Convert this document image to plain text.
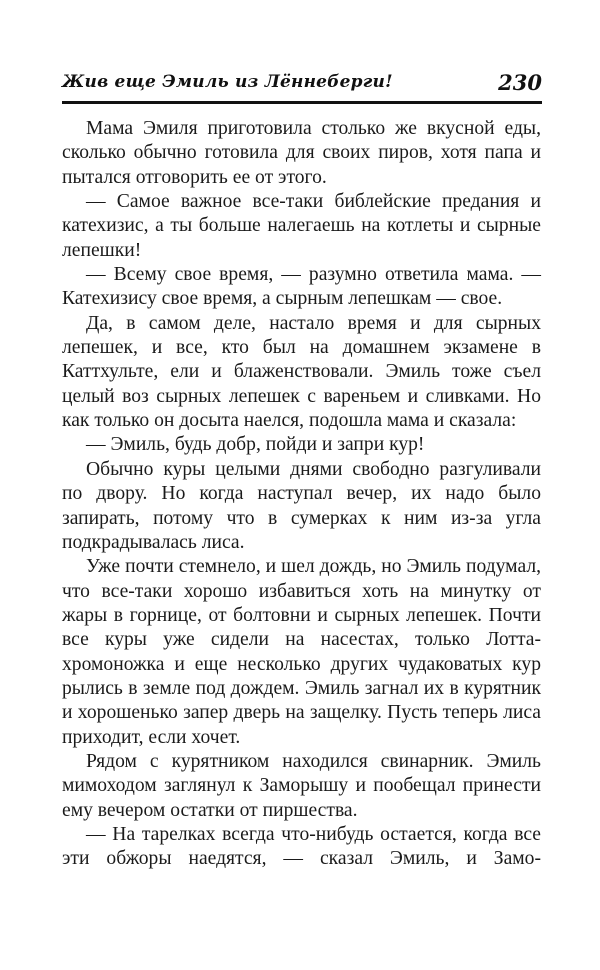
Жив еще Эмиль из Лённеберги!	230

Мама Эмиля приготовила столько же вкусной еды, сколько обычно готовила для своих пиров, хотя папа и пытался отговорить ее от этого.

— Самое важное все-таки библейские предания и катехизис, а ты больше налегаешь на котлеты и сырные лепешки!

— Всему свое время, — разумно ответила мама. — Катехизису свое время, а сырным лепешкам — свое.

Да, в самом деле, настало время и для сырных лепешек, и все, кто был на домашнем экзамене в Каттхульте, ели и блаженствовали. Эмиль тоже съел целый воз сырных лепешек с вареньем и сливками. Но как только он досыта наелся, подошла мама и сказала:

— Эмиль, будь добр, пойди и запри кур!

Обычно куры целыми днями свободно разгуливали по двору. Но когда наступал вечер, их надо было запирать, потому что в сумерках к ним из-за угла подкрадывалась лиса.

Уже почти стемнело, и шел дождь, но Эмиль подумал, что все-таки хорошо избавиться хоть на минутку от жары в горнице, от болтовни и сырных лепешек. Почти все куры уже сидели на насестах, только Лотта-хромоножка и еще несколько других чудаковатых кур рылись в земле под дождем. Эмиль загнал их в курятник и хорошенько запер дверь на защелку. Пусть теперь лиса приходит, если хочет.

Рядом с курятником находился свинарник. Эмиль мимоходом заглянул к Заморышу и пообещал принести ему вечером остатки от пиршества.

— На тарелках всегда что-нибудь остается, когда все эти обжоры наедятся, — сказал Эмиль, и Замо-
